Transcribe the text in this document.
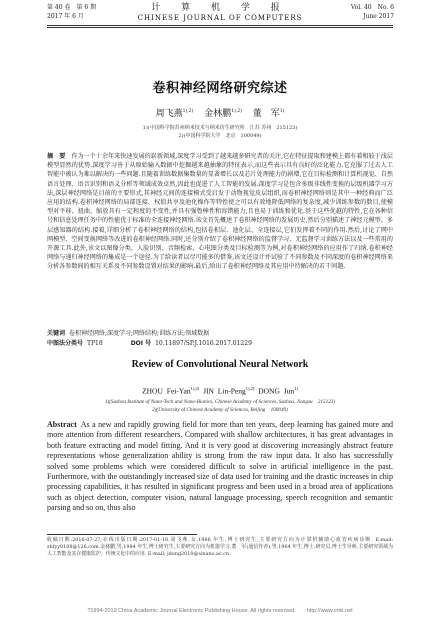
第 40 卷　第 6 期
2017 年 6 月
计 算 机 学 报
CHINESE JOURNAL OF COMPUTERS
Vol. 40　No. 6
June 2017
卷积神经网络研究综述
周飞燕$^{1),2)}$ 金林鹏$^{1),2)}$ 董　军$^{1)}$
1)(中国科学院苏州纳米技术与纳米仿生研究所　江苏 苏州　215123)
2)(中国科学院大学　北京　100049)
摘　要 作为一个十余年来快速发展的崭新领域,深度学习受到了越来越多研究者的关注,它在特征提取和建模上都有着相较于浅层模型显然的优势.深度学习善于从原始输入数据中挖掘越来越抽象的特征表示,而这些表示具有良好的泛化能力.它克服了过去人工智能中被认为难以解决的一些问题.且随着训练数据集数量的显著增长以及芯片处理能力的剧增,它在目标检测和计算机视觉、自然语言处理、语音识别和语义分析等领域成效卓然,因此也促进了人工智能的发展.深度学习是包含多级非线性变换的层级机器学习方法,深层神经网络是目前的主要形式,其神经元间的连接模式受启发于动物视觉皮层组织,而卷积神经网络则是其中一种经典而广泛应用的结构.卷积神经网络的局部连接、权值共享及池化操作等特性使之可以有效地降低网络的复杂度,减少训练参数的数目,使模型对平移、扭曲、缩放具有一定程度的不变性,并具有强鲁棒性和容错能力,且也易于训练和优化.基于这些优越的特性,它在各种信号和信息处理任务中的性能优于标准的全连接神经网络.该文首先概述了卷积神经网络的发展历史,然后分别描述了神经元模型、多层感知器的结构.接着,详细分析了卷积神经网络的结构,包括卷积层、池化层、全连接层,它们发挥着不同的作用.然后,讨论了网中网模型、空间变换网络等改进的卷积神经网络.同时,还分别介绍了卷积神经网络的监督学习、无监督学习训练方法以及一些常用的开源工具.此外,该文以图像分类、人脸识别、音频检索、心电图分类及目标检测等为例,对卷积神经网络的应用作了归纳.卷积神经网络与递归神经网络的集成是一个途径.为了给读者以尽可能多的借鉴,该文还设计并试验了不同参数及不同深度的卷积神经网络来分析各参数间的相互关系及不同参数设置对结果的影响.最后,给出了卷积神经网络及其应用中待解决的若干问题.
关键词 卷积神经网络;深度学习;网络结构;训练方法;领域数据
中图法分类号 TP18	DOI 号 10.11897/SP.J.1016.2017.01229
Review of Convolutional Neural Network
ZHOU Fei-Yan$^{1),2)}$ JIN Lin-Peng$^{1),2)}$ DONG Jun$^{1)}$
1)(Suzhou Institute of Nano-Tech and Nano-Bionics, Chinese Academy of Sciences, Suzhou, Jiangsu　215123)
2)(University of Chinese Academy of Sciences, Beijing　100049)
Abstract As a new and rapidly growing field for more than ten years, deep learning has gained more and more attention from different researchers. Compared with shallow architectures, it has great advantages in both feature extracting and model fitting. And it is very good at discovering increasingly abstract feature representations whose generalization ability is strong from the raw input data. It also has successfully solved some problems which were considered difficult to solve in artificial intelligence in the past. Furthermore, with the outstandingly increased size of data used for training and the drastic increases in chip processing capabilities, it has resulted in significant progress and been used in a broad area of applications such as object detection, computer vision, natural language processing, speech recognition and semantic parsing and so on, thus also
收稿日期:2016-07-27;在线出版日期:2017-01-18.周飞燕,女,1986 年生,博士研究生,主要研究方向为计算机辅助心血管疾病诊断. E-mail: zhfyy0108@126.com.金林鹏,男,1984 年生,博士研究生,主要研究方向为机器学习.董　军(通信作者),男,1964 年生,博士,研究员,博士生导师,主要研究领域为人工智能及其在健康监护、传统文化中的应用. E-mail: jdong2010@sinano.ac.cn.
?1994-2019 China Academic Journal Electronic Publishing House. All rights reserved.　　http://www.cnki.net
